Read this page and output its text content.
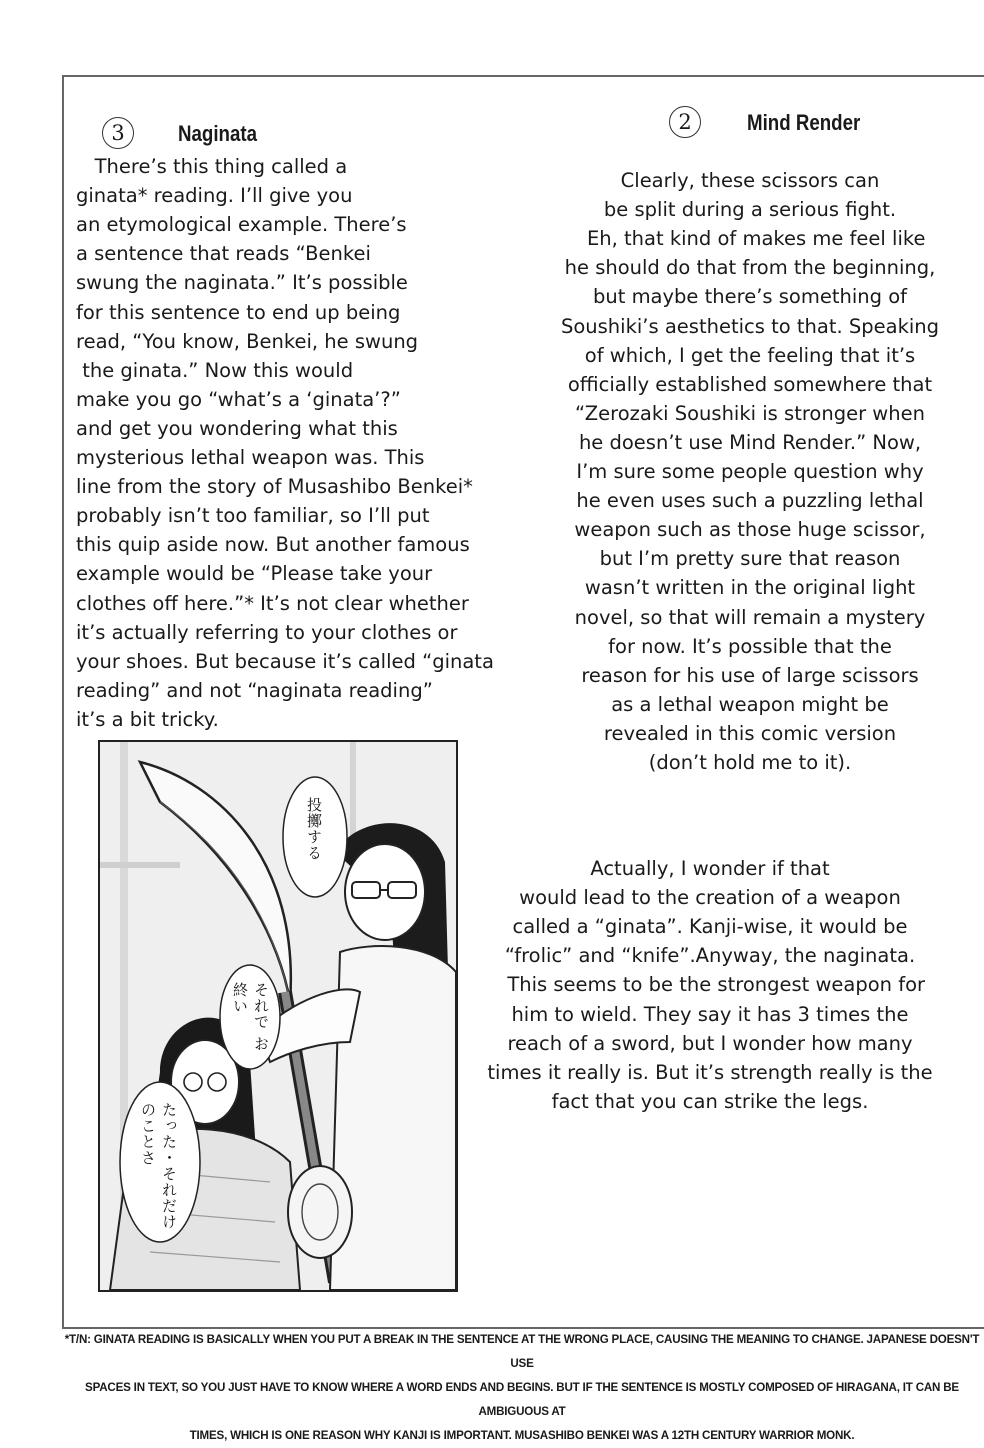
3	Naginata
There’s this thing called a
ginata* reading. I’ll give you
an etymological example. There’s
a sentence that reads “Benkei
swung the naginata.” It’s possible
for this sentence to end up being
read, “You know, Benkei, he swung
the ginata.” Now this would
make you go “what’s a ‘ginata’?”
and get you wondering what this
mysterious lethal weapon was. This
line from the story of Musashibo Benkei*
probably isn’t too familiar, so I’ll put
this quip aside now. But another famous
example would be “Please take your
clothes off here.”* It’s not clear whether
it’s actually referring to your clothes or
your shoes. But because it’s called “ginata
reading” and not “naginata reading”
it’s a bit tricky.
2	Mind Render
Clearly, these scissors can
be split during a serious fight.
Eh, that kind of makes me feel like
he should do that from the beginning,
but maybe there’s something of
Soushiki’s aesthetics to that. Speaking
of which, I get the feeling that it’s
officially established somewhere that
“Zerozaki Soushiki is stronger when
he doesn’t use Mind Render.” Now,
I’m sure some people question why
he even uses such a puzzling lethal
weapon such as those huge scissor,
but I’m pretty sure that reason
wasn’t written in the original light
novel, so that will remain a mystery
for now. It’s possible that the
reason for his use of large scissors
as a lethal weapon might be
revealed in this comic version
(don’t hold me to it).
Actually, I wonder if that
would lead to the creation of a weapon
called a “ginata”. Kanji-wise, it would be
“frolic” and “knife”.Anyway, the naginata.
This seems to be the strongest weapon for
him to wield. They say it has 3 times the
reach of a sword, but I wonder how many
times it really is. But it’s strength really is the
fact that you can strike the legs.
投擲する
それで お終い
たった・それだけ のことさ
*T/N: GINATA READING IS BASICALLY WHEN YOU PUT A BREAK IN THE SENTENCE AT THE WRONG PLACE, CAUSING THE MEANING TO CHANGE. JAPANESE DOESN'T USE
SPACES IN TEXT, SO YOU JUST HAVE TO KNOW WHERE A WORD ENDS AND BEGINS. BUT IF THE SENTENCE IS MOSTLY COMPOSED OF HIRAGANA, IT CAN BE AMBIGUOUS AT
TIMES, WHICH IS ONE REASON WHY KANJI IS IMPORTANT. MUSASHIBO BENKEI WAS A 12TH CENTURY WARRIOR MONK.
